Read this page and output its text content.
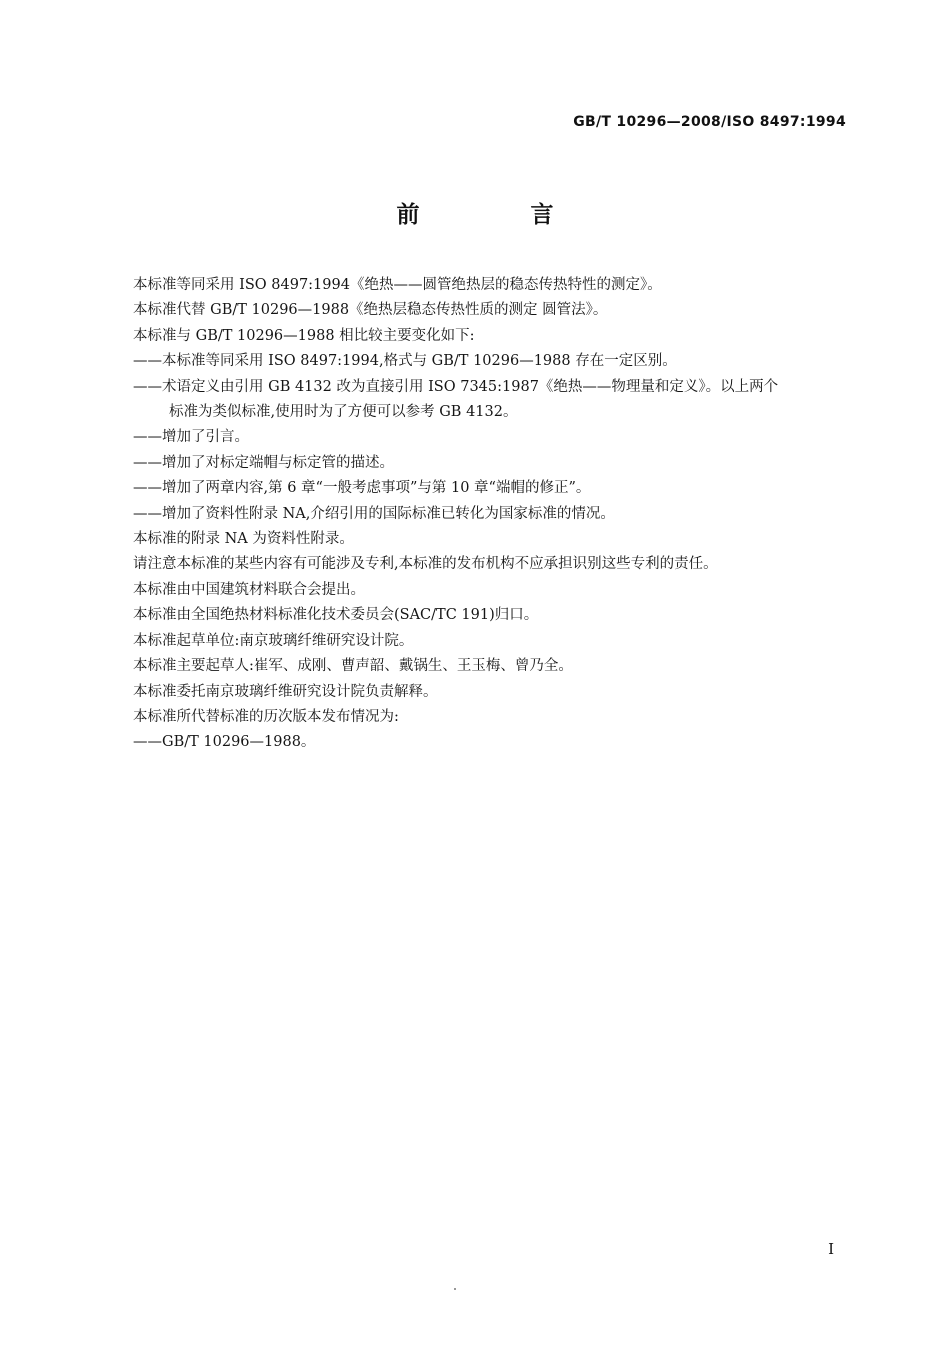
GB/T 10296—2008/ISO 8497:1994
前　言
本标准等同采用 ISO 8497:1994《绝热——圆管绝热层的稳态传热特性的测定》。
本标准代替 GB/T 10296—1988《绝热层稳态传热性质的测定 圆管法》。
本标准与 GB/T 10296—1988 相比较主要变化如下:
——本标准等同采用 ISO 8497:1994,格式与 GB/T 10296—1988 存在一定区别。
——术语定义由引用 GB 4132 改为直接引用 ISO 7345:1987《绝热——物理量和定义》。以上两个
标准为类似标准,使用时为了方便可以参考 GB 4132。
——增加了引言。
——增加了对标定端帽与标定管的描述。
——增加了两章内容,第 6 章“一般考虑事项”与第 10 章“端帽的修正”。
——增加了资料性附录 NA,介绍引用的国际标准已转化为国家标准的情况。
本标准的附录 NA 为资料性附录。
请注意本标准的某些内容有可能涉及专利,本标准的发布机构不应承担识别这些专利的责任。
本标准由中国建筑材料联合会提出。
本标准由全国绝热材料标准化技术委员会(SAC/TC 191)归口。
本标准起草单位:南京玻璃纤维研究设计院。
本标准主要起草人:崔军、成刚、曹声韶、戴锅生、王玉梅、曾乃全。
本标准委托南京玻璃纤维研究设计院负责解释。
本标准所代替标准的历次版本发布情况为:
——GB/T 10296—1988。
I
